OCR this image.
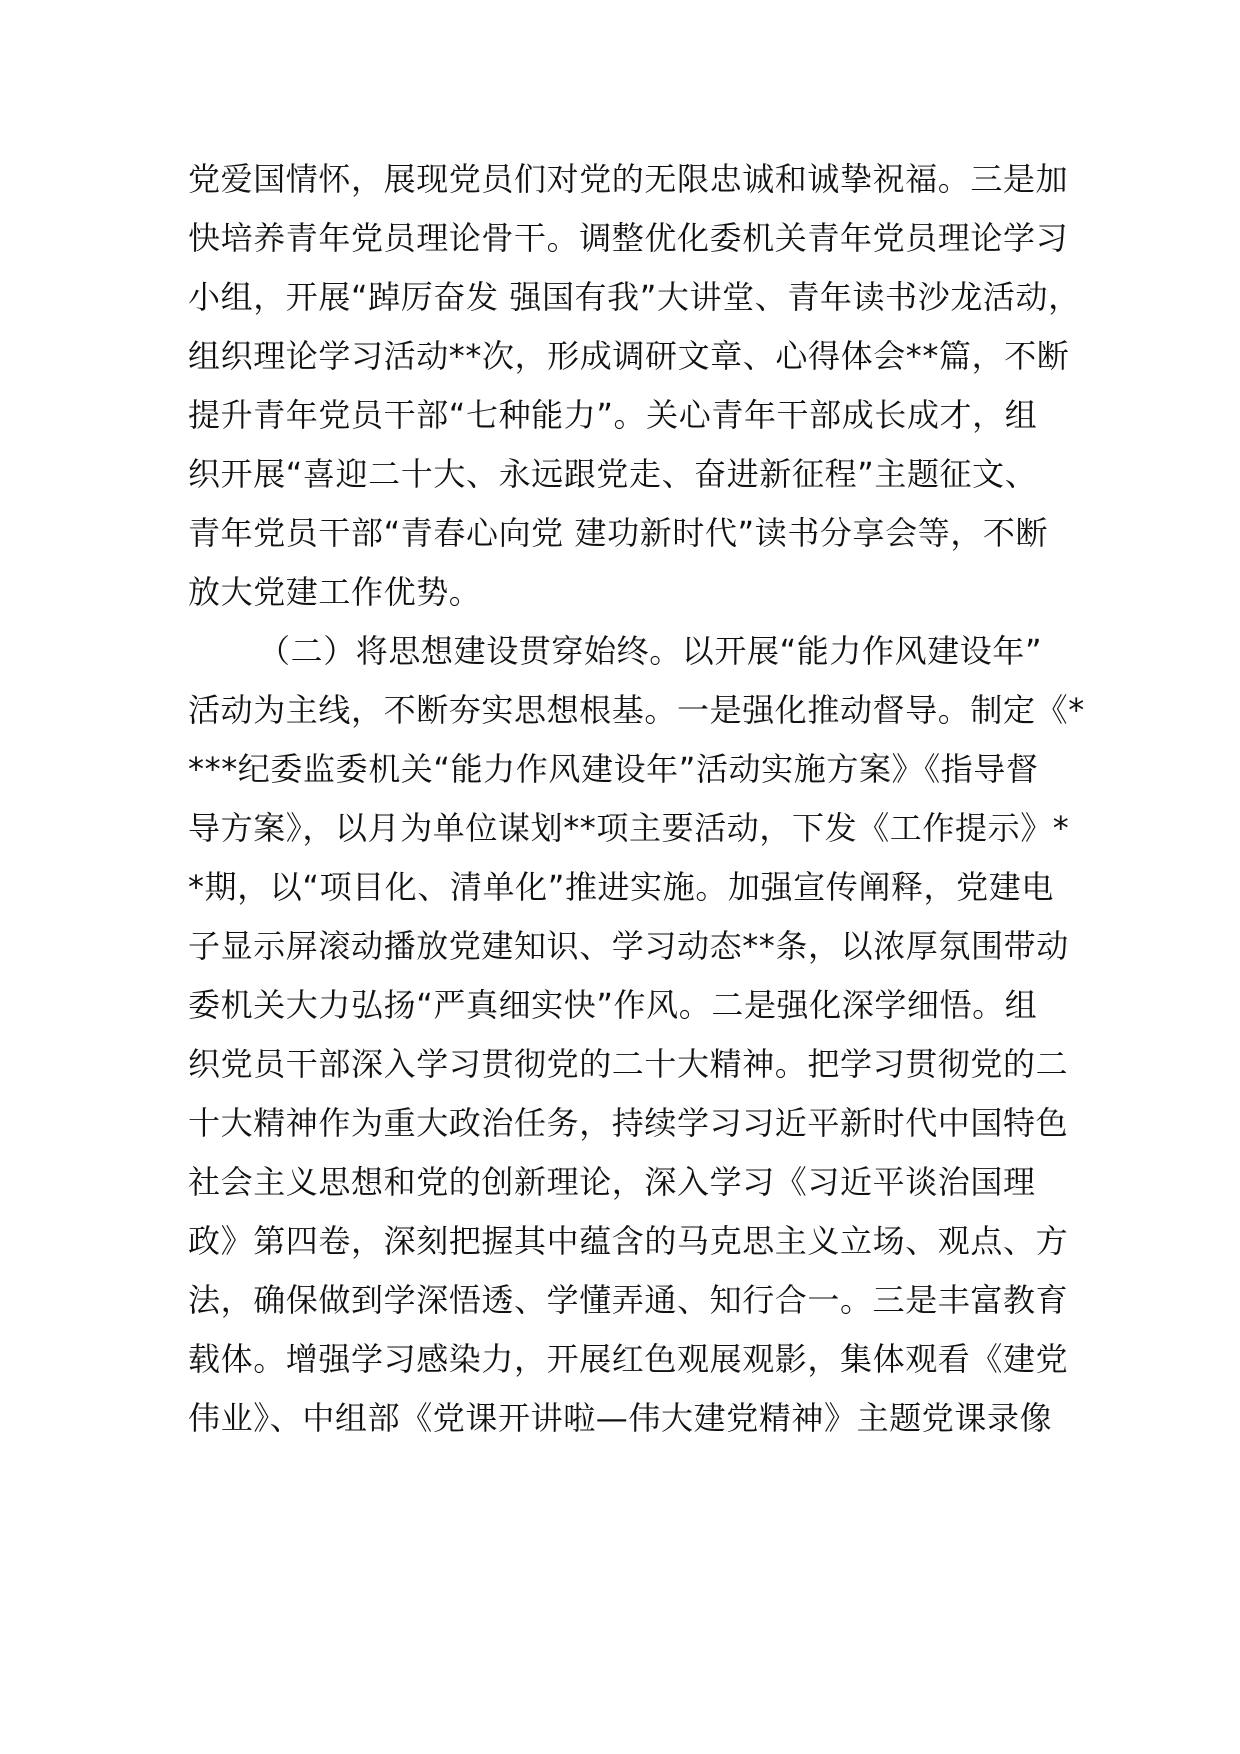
党爱国情怀，展现党员们对党的无限忠诚和诚挚祝福。三是加
快培养青年党员理论骨干。调整优化委机关青年党员理论学习
小组，开展“踔厉奋发 强国有我”大讲堂、青年读书沙龙活动，
组织理论学习活动**次，形成调研文章、心得体会**篇，不断
提升青年党员干部“七种能力”。关心青年干部成长成才，组
织开展“喜迎二十大、永远跟党走、奋进新征程”主题征文、
青年党员干部“青春心向党 建功新时代”读书分享会等，不断
放大党建工作优势。
（二）将思想建设贯穿始终。以开展“能力作风建设年”
活动为主线，不断夯实思想根基。一是强化推动督导。制定《*
***纪委监委机关“能力作风建设年”活动实施方案》《指导督
导方案》，以月为单位谋划**项主要活动，下发《工作提示》*
*期，以“项目化、清单化”推进实施。加强宣传阐释，党建电
子显示屏滚动播放党建知识、学习动态**条，以浓厚氛围带动
委机关大力弘扬“严真细实快”作风。二是强化深学细悟。组
织党员干部深入学习贯彻党的二十大精神。把学习贯彻党的二
十大精神作为重大政治任务，持续学习习近平新时代中国特色
社会主义思想和党的创新理论，深入学习《习近平谈治国理
政》第四卷，深刻把握其中蕴含的马克思主义立场、观点、方
法，确保做到学深悟透、学懂弄通、知行合一。三是丰富教育
载体。增强学习感染力，开展红色观展观影，集体观看《建党
伟业》、中组部《党课开讲啦—伟大建党精神》主题党课录像
